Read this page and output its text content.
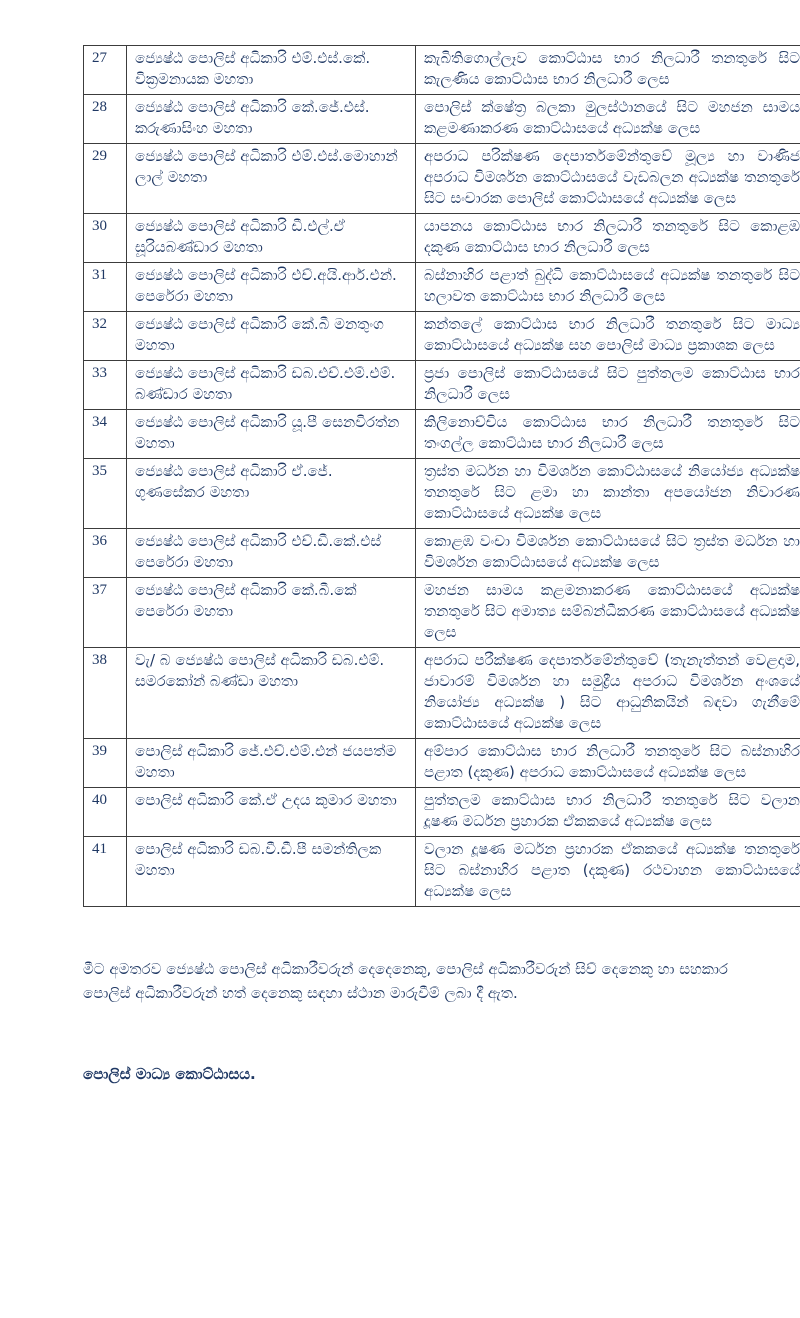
27	ජ්‍යෙෂ්ඨ පොලිස් අධිකාරි එම්.එස්.කේ. වික්‍රමනායක මහතා	කැබිතිගොල්ලෑව කොට්ඨාස භාර නිලධාරී තනතුරේ සිට කැලණිය කොට්ඨාස භාර නිලධාරී ලෙස
28	ජ්‍යෙෂ්ඨ පොලිස් අධිකාරි කේ.ජේ.එස්. කරුණාසිංහ මහතා	පොලිස් ක්ෂේත්‍ර බලකා මුලස්ථානයේ සිට මහජන සාමය කළමණාකරණ කොට්ඨාසයේ අධ්‍යක්ෂ ලෙස
29	ජ්‍යෙෂ්ඨ පොලිස් අධිකාරි එම්.එස්.මොහාන් ලාල් මහතා	අපරාධ පරික්ෂණ දෙපාර්තමේන්තුවේ මූල්‍ය හා වාණිජ අපරාධ විමර්ශන කොට්ඨාසයේ වැඩබලන අධ්‍යක්ෂ තනතුරේ සිට සංචාරක පොලිස් කොට්ඨාසයේ අධ්‍යක්ෂ ලෙස
30	ජ්‍යෙෂ්ඨ පොලිස් අධිකාරි ඩී.එල්.ඒ සූරියබණ්ඩාර මහතා	යාපනය කොට්ඨාස භාර නිලධාරී තනතුරේ සිට කොළඹ දකුණ කොට්ඨාස භාර නිලධාරී ලෙස
31	ජ්‍යෙෂ්ඨ පොලිස් අධිකාරි එච්.අයි.ආර්.එන්. පෙරේරා මහතා	බස්නාහිර පළාත් බුද්ධි කොට්ඨාසයේ අධ්‍යක්ෂ තනතුරේ සිට හලාවත කොට්ඨාස භාර නිලධාරී ලෙස
32	ජ්‍යෙෂ්ඨ පොලිස් අධිකාරි කේ.බී මනතුංග මහතා	කන්තලේ කොට්ඨාස භාර නිලධාරී තනතුරේ සිට මාධ්‍ය කොට්ඨාසයේ අධ්‍යක්ෂ සහ පොලිස් මාධ්‍ය ප්‍රකාශක ලෙස
33	ජ්‍යෙෂ්ඨ පොලිස් අධිකාරි ඩබ.එච්.එම්.එම්. බණ්ඩාර මහතා	ප්‍රජා පොලිස් කොට්ඨාසයේ සිට පුත්තලම කොට්ඨාස භාර නිලධාරී ලෙස
34	ජ්‍යෙෂ්ඨ පොලිස් අධිකාරි යූ.පී සෙනවිරත්න මහතා	කිලිනොච්චිය කොට්ඨාස භාර නිලධාරී තනතුරේ සිට තංගල්ල කොට්ඨාස භාර නිලධාරී ලෙස
35	ජ්‍යෙෂ්ඨ පොලිස් අධිකාරි ඒ.ජේ. ගුණසේකර මහතා	ත්‍රස්ත මර්ධන හා විමර්ශන කොට්ඨාසයේ නියෝජ්‍ය අධ්‍යක්ෂ තනතුරේ සිට ළමා හා කාන්තා අපයෝජන නිවාරණ කොට්ඨාසයේ අධ්‍යක්ෂ ලෙස
36	ජ්‍යෙෂ්ඨ පොලිස් අධිකාරි එච්.ඩී.කේ.එස් පෙරේරා මහතා	කොළඹ වංචා විමර්ශන කොට්ඨාසයේ සිට ත්‍රස්ත මර්ධන හා විමර්ශන කොට්ඨාසයේ අධ්‍යක්ෂ ලෙස
37	ජ්‍යෙෂ්ඨ පොලිස් අධිකාරි කේ.බී.කේ පෙරේරා මහතා	මහජන සාමය කළමනාකරණ කොට්ඨාසයේ අධ්‍යක්ෂ තනතුරේ සිට අමාත්‍ය සම්බන්ධීකරණ කොට්ඨාසයේ අධ්‍යක්ෂ ලෙස
38	වැ/ බ ජ්‍යෙෂ්ඨ පොලිස් අධිකාරි ඩබ.එම්. සමරකෝන් බණ්ඩා මහතා	අපරාධ පරීක්ෂණ දෙපාර්තමේන්තුවේ (තැනැත්තන් වෙළදාම, ජාවාරම් විමර්ශන හා සමුද්‍රීය අපරාධ විමර්ශන අංශයේ නියෝජ්‍ය අධ්‍යක්ෂ ) සිට ආධුනිකයින් බඳවා ගැනීමේ කොට්ඨාසයේ අධ්‍යක්ෂ ලෙස
39	පොලිස් අධිකාරි ජේ.එච්.එම්.එන් ජයපත්ම මහතා	අම්පාර කොට්ඨාස භාර නිලධාරී තනතුරේ සිට බස්නාහිර පළාත (දකුණ) අපරාධ කොට්ඨාසයේ අධ්‍යක්ෂ ලෙස
40	පොලිස් අධිකාරි කේ.ඒ උදය කුමාර මහතා	පුත්තලම කොට්ඨාස භාර නිලධාරී තනතුරේ සිට වලාන දූෂණ මර්ධන ප්‍රහාරක ඒකකයේ අධ්‍යක්ෂ ලෙස
41	පොලිස් අධිකාරි ඩබ.වී.ඩී.පී සමන්තිලක මහතා	වලාන දූෂණ මර්ධන ප්‍රහාරක ඒකකයේ අධ්‍යක්ෂ තනතුරේ සිට බස්නාහිර පළාත (දකුණ) රථවාහන කොට්ඨාසයේ අධ්‍යක්ෂ ලෙස

මීට අමතරව ජ්‍යෙෂ්ඨ පොලිස් අධිකාරීවරුන් දෙදෙනෙකු, පොලිස් අධිකාරීවරුන් සිව් දෙනෙකු හා සහකාර පොලිස් අධිකාරීවරුන් හත් දෙනෙකු සඳහා ස්ථාන මාරුවීම් ලබා දී ඇත.

පොලිස් මාධ්‍ය කොට්ඨාසය.
